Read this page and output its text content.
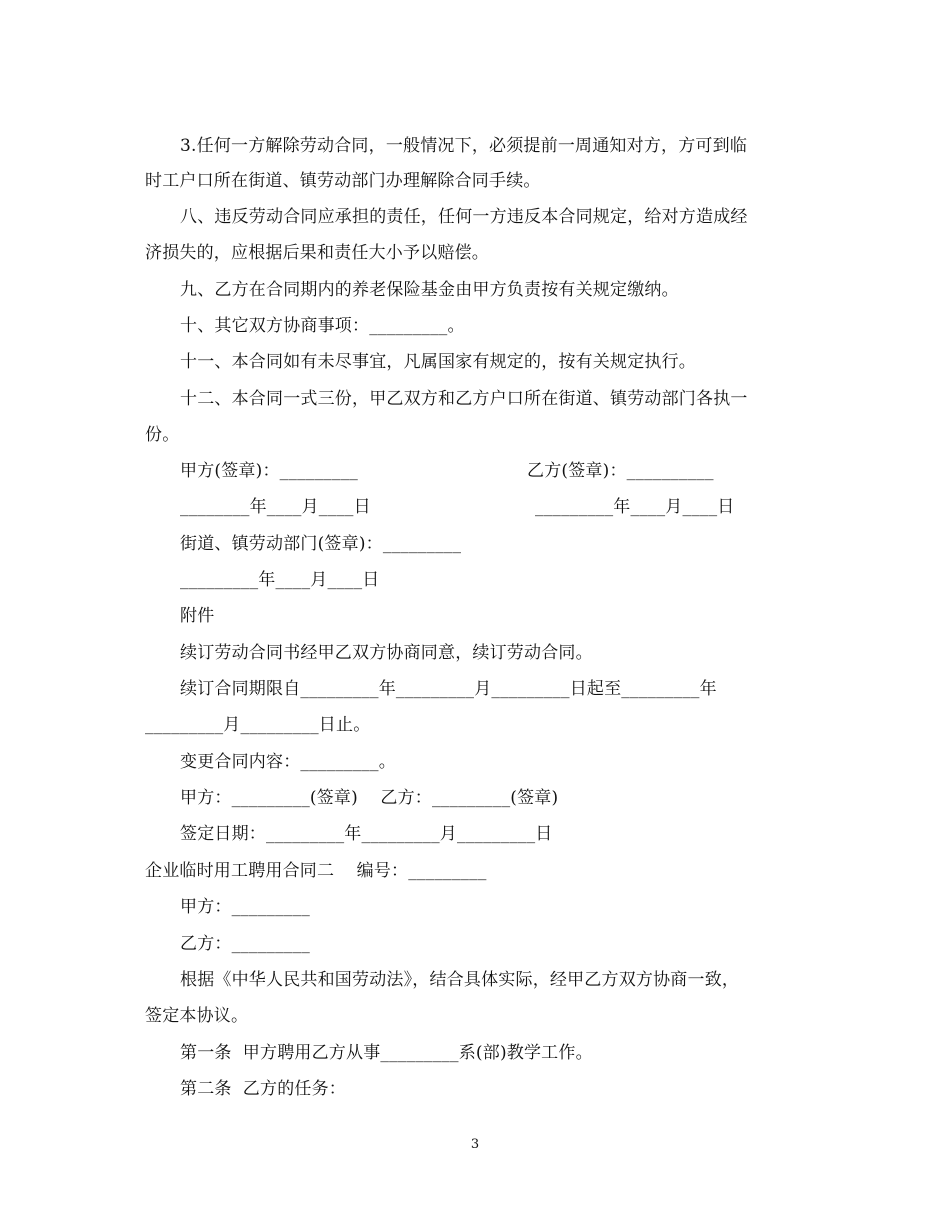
3.任何一方解除劳动合同，一般情况下，必须提前一周通知对方，方可到临
时工户口所在街道、镇劳动部门办理解除合同手续。
八、违反劳动合同应承担的责任，任何一方违反本合同规定，给对方造成经
济损失的，应根据后果和责任大小予以赔偿。
九、乙方在合同期内的养老保险基金由甲方负责按有关规定缴纳。
十、其它双方协商事项：_________。
十一、本合同如有未尽事宜，凡属国家有规定的，按有关规定执行。
十二、本合同一式三份，甲乙双方和乙方户口所在街道、镇劳动部门各执一
份。
甲方(签章)：_________	乙方(签章)：__________
________年____月____日	_________年____月____日
街道、镇劳动部门(签章)：_________
_________年____月____日
附件
续订劳动合同书经甲乙双方协商同意，续订劳动合同。
续订合同期限自_________年_________月_________日起至_________年
_________月_________日止。
变更合同内容：_________。
甲方：_________(签章)    乙方：_________(签章)
签定日期：_________年_________月_________日
企业临时用工聘用合同二    编号：_________
甲方：_________
乙方：_________
根据《中华人民共和国劳动法》，结合具体实际，经甲乙方双方协商一致，
签定本协议。
第一条  甲方聘用乙方从事_________系(部)教学工作。
第二条  乙方的任务：
3
